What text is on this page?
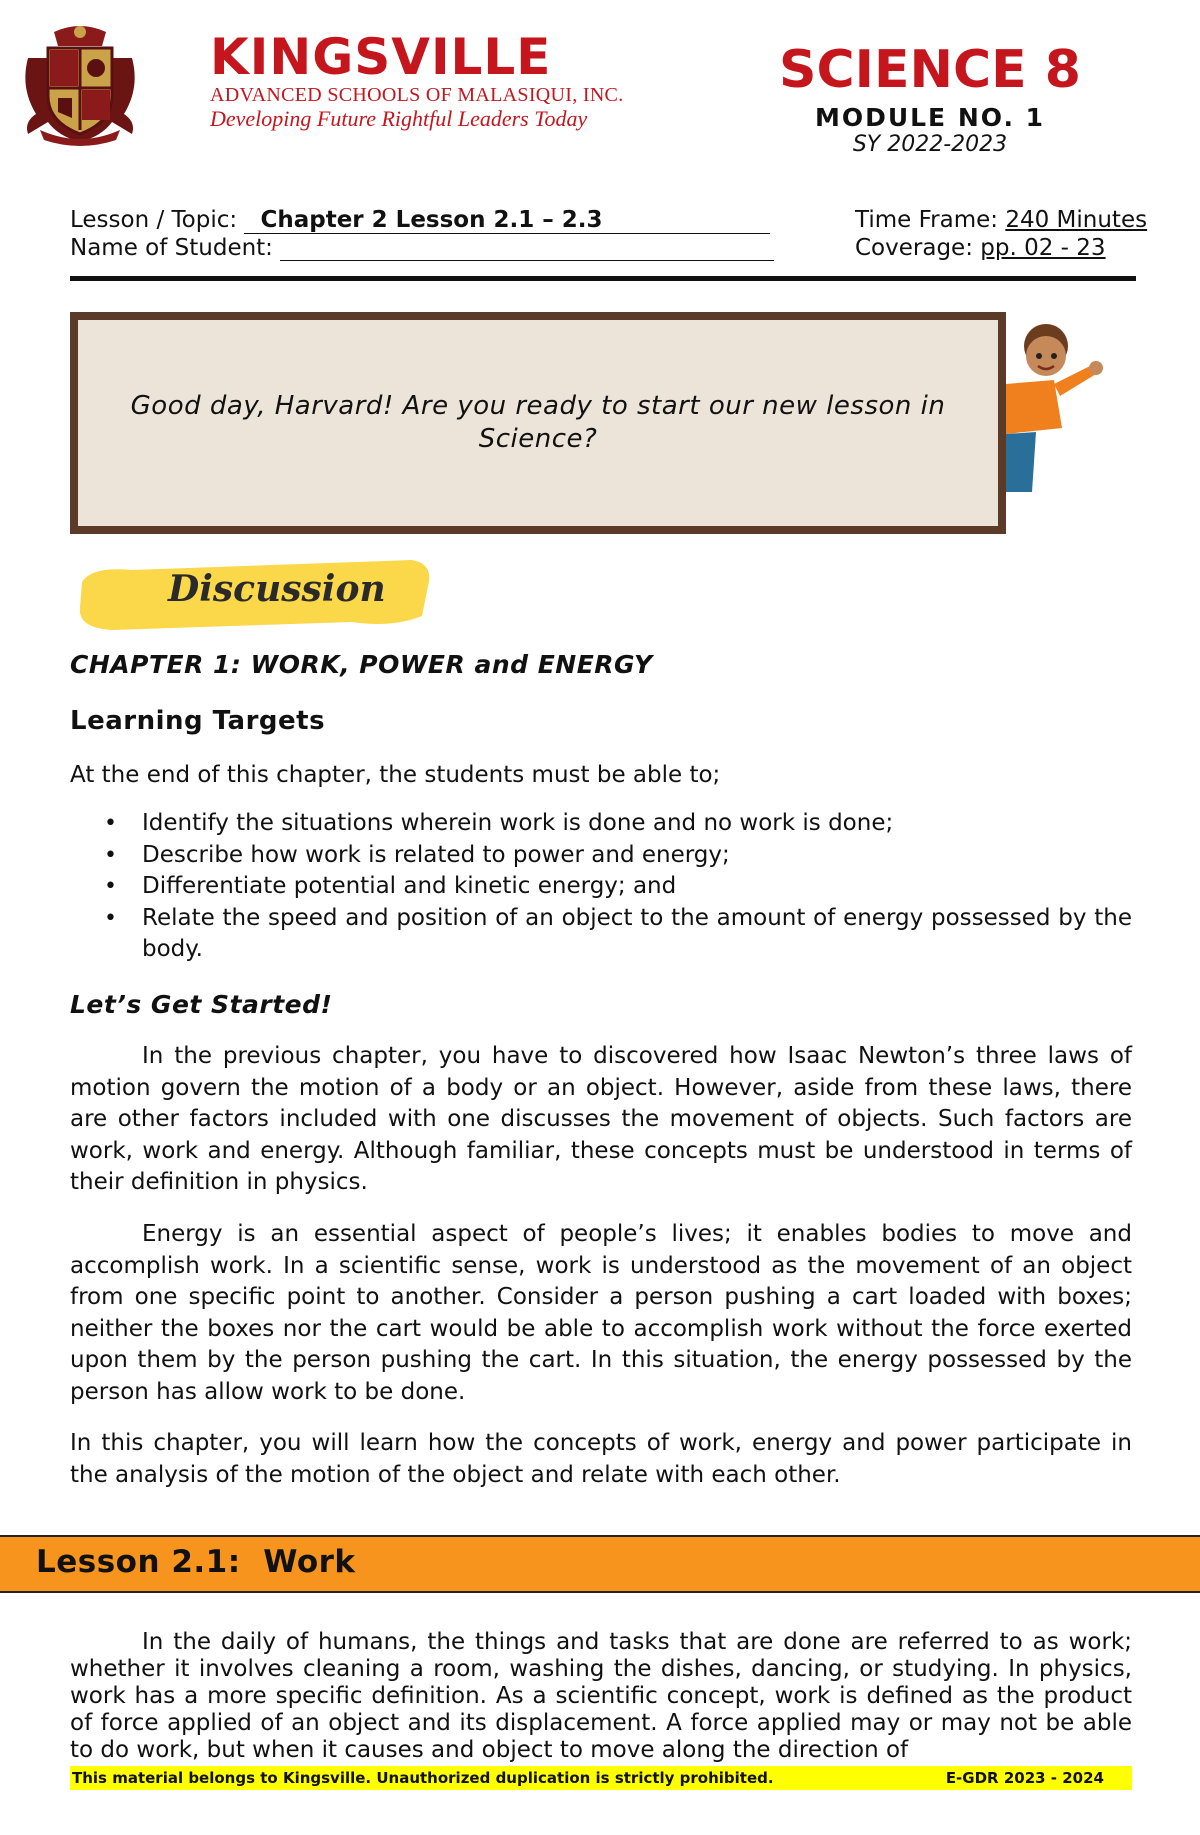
KINGSVILLE
ADVANCED SCHOOLS OF MALASIQUI, INC.
Developing Future Rightful Leaders Today
SCIENCE 8
MODULE NO. 1
SY 2022-2023
Lesson / Topic: Chapter 2 Lesson 2.1 – 2.3
Name of Student:
Time Frame: 240 Minutes
Coverage: pp. 02 - 23
Good day, Harvard! Are you ready to start our new lesson in Science?
Discussion
CHAPTER 1: WORK, POWER and ENERGY
Learning Targets
At the end of this chapter, the students must be able to;
• Identify the situations wherein work is done and no work is done;
• Describe how work is related to power and energy;
• Differentiate potential and kinetic energy; and
• Relate the speed and position of an object to the amount of energy possessed by the body.
Let’s Get Started!

In the previous chapter, you have to discovered how Isaac Newton’s three laws of motion govern the motion of a body or an object. However, aside from these laws, there are other factors included with one discusses the movement of objects. Such factors are work, work and energy. Although familiar, these concepts must be understood in terms of their definition in physics.

Energy is an essential aspect of people’s lives; it enables bodies to move and accomplish work. In a scientific sense, work is understood as the movement of an object from one specific point to another. Consider a person pushing a cart loaded with boxes; neither the boxes nor the cart would be able to accomplish work without the force exerted upon them by the person pushing the cart. In this situation, the energy possessed by the person has allow work to be done.

In this chapter, you will learn how the concepts of work, energy and power participate in the analysis of the motion of the object and relate with each other.

Lesson 2.1:  Work

In the daily of humans, the things and tasks that are done are referred to as work; whether it involves cleaning a room, washing the dishes, dancing, or studying. In physics, work has a more specific definition. As a scientific concept, work is defined as the product of force applied of an object and its displacement. A force applied may or may not be able to do work, but when it causes and object to move along the direction of

This material belongs to Kingsville. Unauthorized duplication is strictly prohibited.	E-GDR 2023 - 2024
